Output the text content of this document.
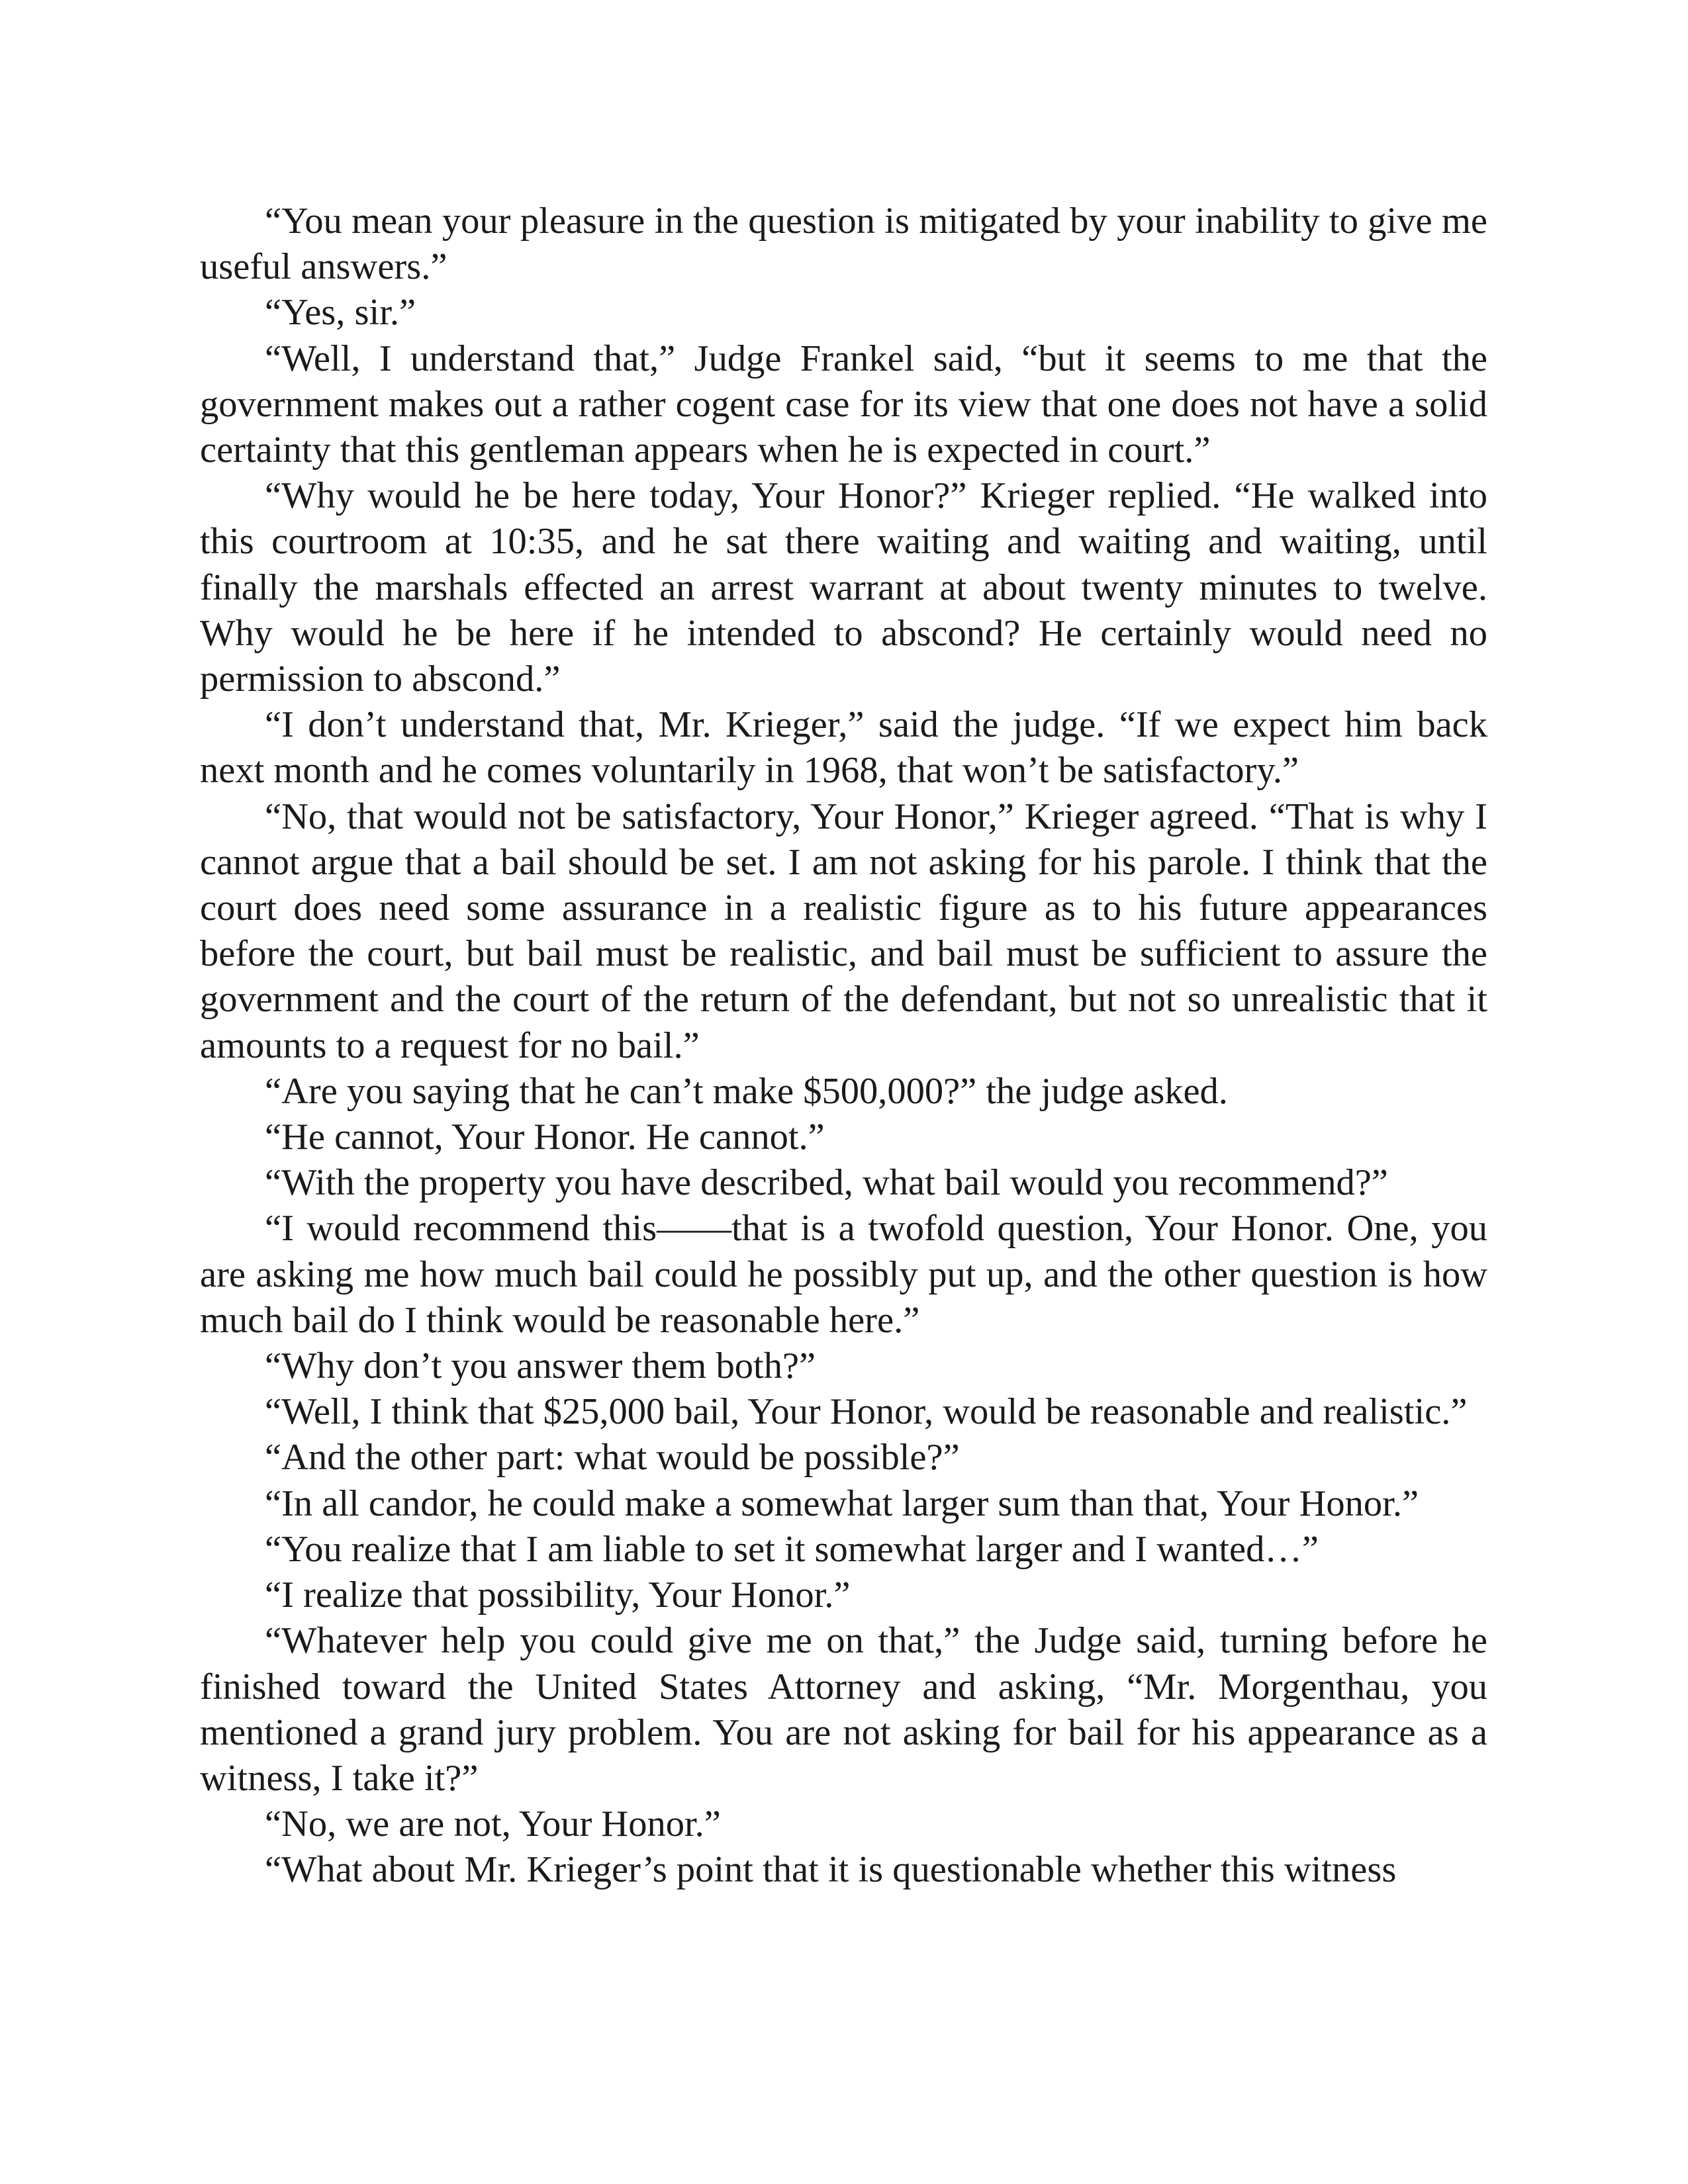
“You mean your pleasure in the question is mitigated by your inability to give me useful answers.”

“Yes, sir.”

“Well, I understand that,” Judge Frankel said, “but it seems to me that the government makes out a rather cogent case for its view that one does not have a solid certainty that this gentleman appears when he is expected in court.”

“Why would he be here today, Your Honor?” Krieger replied. “He walked into this courtroom at 10:35, and he sat there waiting and waiting and waiting, until finally the marshals effected an arrest warrant at about twenty minutes to twelve. Why would he be here if he intended to abscond? He certainly would need no permission to abscond.”

“I don’t understand that, Mr. Krieger,” said the judge. “If we expect him back next month and he comes voluntarily in 1968, that won’t be satisfactory.”

“No, that would not be satisfactory, Your Honor,” Krieger agreed. “That is why I cannot argue that a bail should be set. I am not asking for his parole. I think that the court does need some assurance in a realistic figure as to his future appearances before the court, but bail must be realistic, and bail must be sufficient to assure the government and the court of the return of the defendant, but not so unrealistic that it amounts to a request for no bail.”

“Are you saying that he can’t make $500,000?” the judge asked.

“He cannot, Your Honor. He cannot.”

“With the property you have described, what bail would you recommend?”

“I would recommend this——that is a twofold question, Your Honor. One, you are asking me how much bail could he possibly put up, and the other question is how much bail do I think would be reasonable here.”

“Why don’t you answer them both?”

“Well, I think that $25,000 bail, Your Honor, would be reasonable and realistic.”

“And the other part: what would be possible?”

“In all candor, he could make a somewhat larger sum than that, Your Honor.”

“You realize that I am liable to set it somewhat larger and I wanted…”

“I realize that possibility, Your Honor.”

“Whatever help you could give me on that,” the Judge said, turning before he finished toward the United States Attorney and asking, “Mr. Morgenthau, you mentioned a grand jury problem. You are not asking for bail for his appearance as a witness, I take it?”

“No, we are not, Your Honor.”

“What about Mr. Krieger’s point that it is questionable whether this witness
